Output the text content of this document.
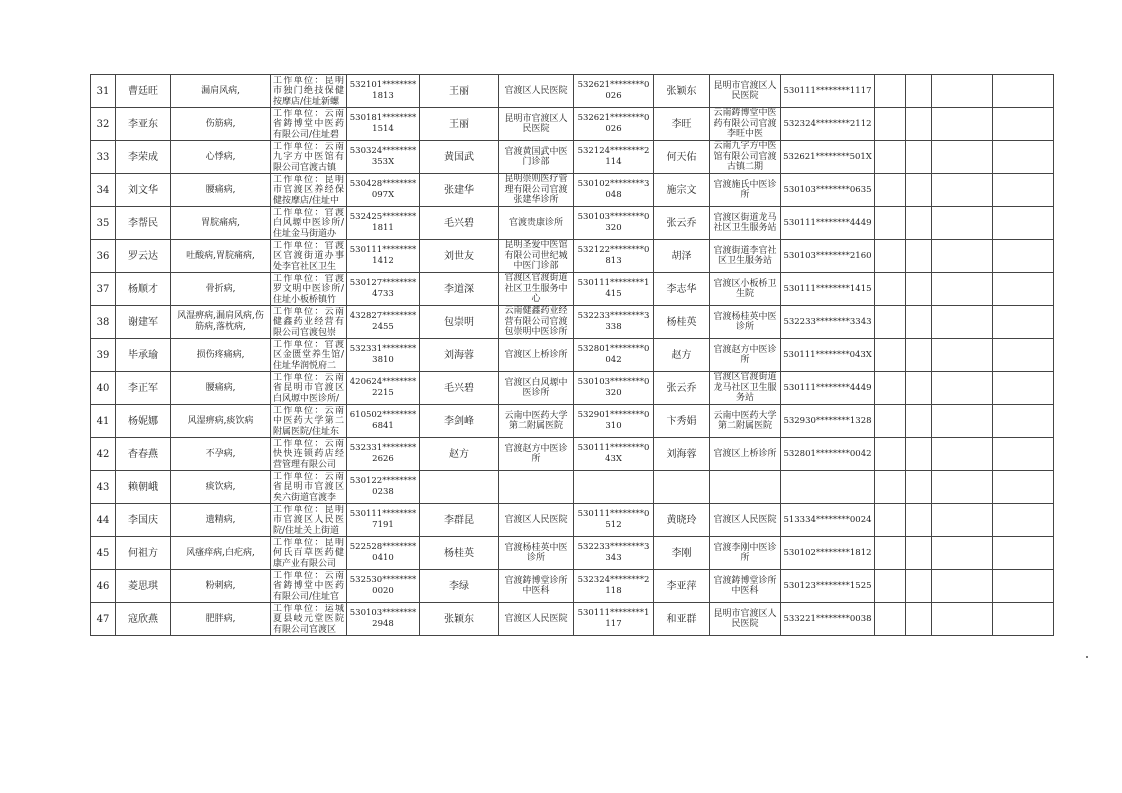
31	曹廷旺	漏肩风病,	工作单位：昆明市独门绝技保健按摩店/住址新螺	532101********1813	王丽	官渡区人民医院	532621********0026	张颖东	昆明市官渡区人民医院	530111********1117				
32	李亚东	伤筋病,	工作单位：云南省鋳博堂中医药有限公司/住址碧	530181********1514	王丽	昆明市官渡区人民医院	532621********0026	李旺	云南鋳博堂中医药有限公司官渡李旺中医	532324********2112				
33	李荣成	心悸病,	工作单位：云南九字方中医馆有限公司官渡古镇	530324********353X	黄国武	官渡黄国武中医门诊部	532124********2114	何天佑	云南九字方中医馆有限公司官渡古镇二期	532621********501X				
34	刘文华	腰痛病,	工作单位：昆明市官渡区养经保健按摩店/住址中	530428********097X	张建华	昆明崇则医疗管理有限公司官渡张建华诊所	530102********3048	施宗文	官渡施氏中医诊所	530103********0635				
35	李帮民	胃脘痛病,	工作单位：官渡白风塬中医诊所/住址金马街道办	532425********1811	毛兴碧	官渡贵康诊所	530103********0320	张云乔	官渡区街道龙马社区卫生服务站	530111********4449				
36	罗云达	吐酸病,胃脘痛病,	工作单位：官渡区官渡街道办事处李官社区卫生	530111********1412	刘世友	昆明圣爱中医馆有限公司世纪城中医门诊部	532122********0813	胡泽	官渡街道李官社区卫生服务站	530103********2160				
37	杨顺才	骨折病,	工作单位：官渡罗文明中医诊所/住址小板桥镇竹	530127********4733	李道深	官渡区官渡街道社区卫生服务中心	530111********1415	李志华	官渡区小板桥卫生院	530111********1415				
38	谢建军	风湿痹病,漏肩风病,伤筋病,落枕病,	工作单位：云南健鑫药业经营有限公司官渡包崇	432827********2455	包崇明	云南健鑫药业经营有限公司官渡包崇明中医诊所	532233********3338	杨桂英	官渡杨桂英中医诊所	532233********3343				
39	毕承瑜	损伤疼痛病,	工作单位：官渡区金匮堂养生馆/住址华润悦府二	532331********3810	刘海蓉	官渡区上桥诊所	532801********0042	赵方	官渡赵方中医诊所	530111********043X				
40	李正军	腰痛病,	工作单位：云南省昆明市官渡区白风塬中医诊所/	420624********2215	毛兴碧	官渡区白风塬中医诊所	530103********0320	张云乔	官渡区官渡街道龙马社区卫生服务站	530111********4449				
41	杨妮娜	风湿痹病,痰饮病	工作单位：云南中医药大学第二附属医院/住址东	610502********6841	李剑峰	云南中医药大学第二附属医院	532901********0310	卞秀娟	云南中医药大学第二附属医院	532930********1328				
42	杳春燕	不孕病,	工作单位：云南快快连锁药店经营管理有限公司	532331********2626	赵方	官渡赵方中医诊所	530111********043X	刘海蓉	官渡区上桥诊所	532801********0042				
43	赖朝峨	痰饮病,	工作单位：云南省昆明市官渡区矣六街道官渡李	530122********0238										
44	李国庆	遗精病,	工作单位：昆明市官渡区人民医院/住址关上街道	530111********7191	李群昆	官渡区人民医院	530111********0512	黄晓玲	官渡区人民医院	513334********0024				
45	何祖方	风瘙痒病,白疕病,	工作单位：昆明何氏百草医药健康产业有限公司	522528********0410	杨桂英	官渡杨桂英中医诊所	532233********3343	李刚	官渡李刚中医诊所	530102********1812				
46	菱思琪	粉刺病,	工作单位：云南省鋳博堂中医药有限公司/住址官	532530********0020	李绿	官渡鋳博堂诊所中医科	532324********2118	李亚萍	官渡鋳博堂诊所中医科	530123********1525				
47	寇欣燕	肥胖病,	工作单位：运城夏县岐元堂医院有限公司官渡区	530103********2948	张颖东	官渡区人民医院	530111********1117	和亚群	昆明市官渡区人民医院	533221********0038				
